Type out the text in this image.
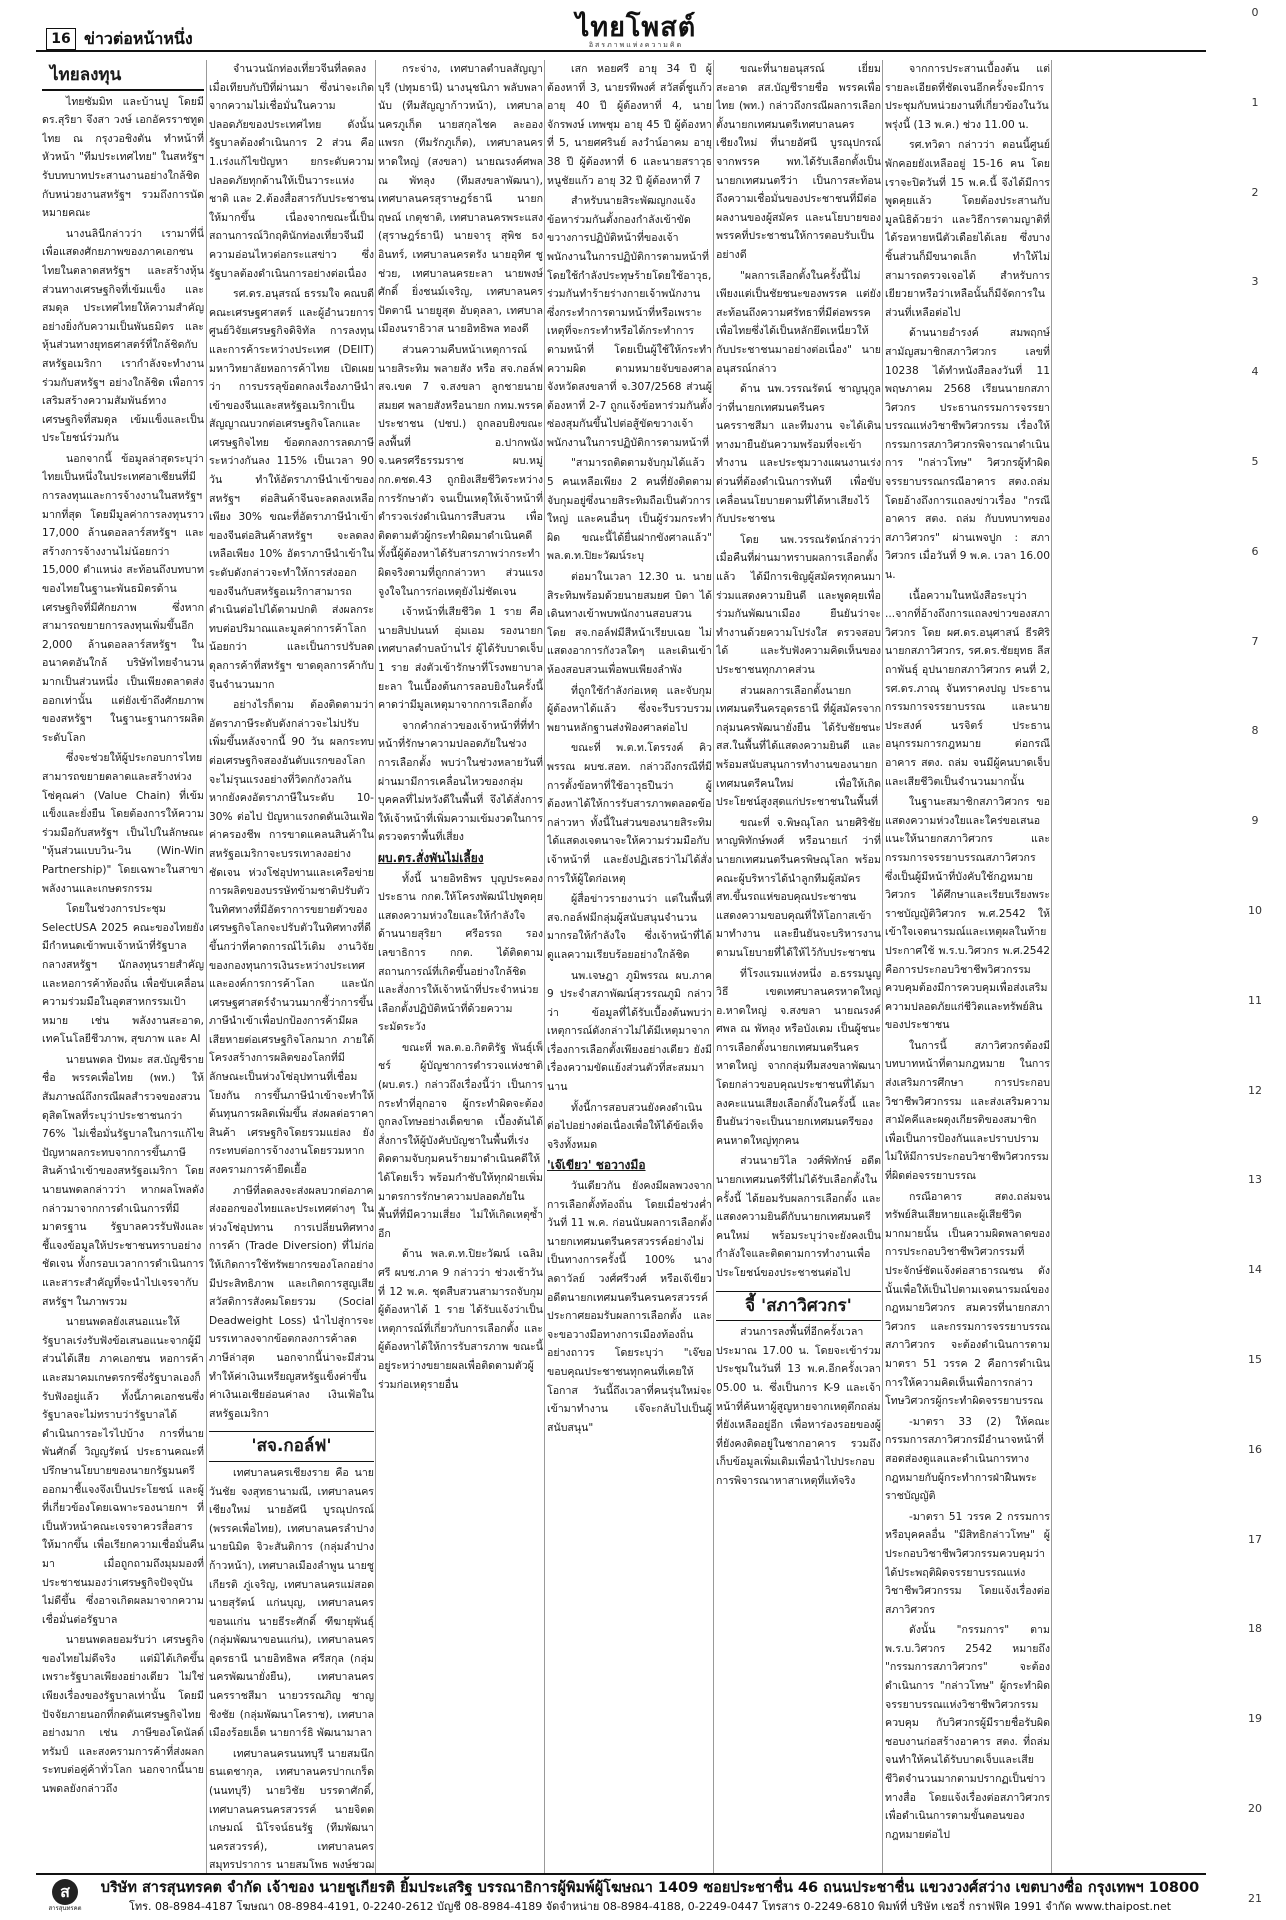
16 ข่าวต่อหน้าหนึ่ง	ไทยโพสต์
อิสรภาพแห่งความคิด
0
1
2
3
4
5
6
7
8
9
10
11
12
13
14
15
16
17
18
19
20
21

ไทยลงทุน

ไทยซัมมิท และบ้านปู โดยมี ดร.สุริยา จึงสา วงษ์ เอกอัครราชทูตไทย ณ กรุงวอชิงตัน ทำหน้าที่หัวหน้า "ทีมประเทศไทย" ในสหรัฐฯ รับบทบาทประสานงานอย่างใกล้ชิดกับหน่วยงานสหรัฐฯ รวมถึงการนัดหมายคณะ

นางนลินีกล่าวว่า เรามาที่นี่เพื่อแสดงศักยภาพของภาคเอกชนไทยในตลาดสหรัฐฯ และสร้างหุ้นส่วนทางเศรษฐกิจที่เข้มแข็ง และสมดุล ประเทศไทยให้ความสำคัญอย่างยิ่งกับความเป็นพันธมิตร และหุ้นส่วนทางยุทธศาสตร์ที่ใกล้ชิดกับสหรัฐอเมริกา เรากำลังจะทำงานร่วมกับสหรัฐฯ อย่างใกล้ชิด เพื่อการเสริมสร้างความสัมพันธ์ทางเศรษฐกิจที่สมดุล เข้มแข็งและเป็นประโยชน์ร่วมกัน

นอกจากนี้ ข้อมูลล่าสุดระบุว่า ไทยเป็นหนึ่งในประเทศอาเซียนที่มีการลงทุนและการจ้างงานในสหรัฐฯ มากที่สุด โดยมีมูลค่าการลงทุนราว 17,000 ล้านดอลลาร์สหรัฐฯ และสร้างการจ้างงานไม่น้อยกว่า 15,000 ตำแหน่ง สะท้อนถึงบทบาทของไทยในฐานะพันธมิตรด้านเศรษฐกิจที่มีศักยภาพ ซึ่งหากสามารถขยายการลงทุนเพิ่มขึ้นอีก 2,000 ล้านดอลลาร์สหรัฐฯ ในอนาคตอันใกล้ บริษัทไทยจำนวนมากเป็นส่วนหนึ่ง เป็นเพียงตลาดส่งออกเท่านั้น แต่ยังเข้าถึงศักยภาพของสหรัฐฯ ในฐานะฐานการผลิตระดับโลก

ซึ่งจะช่วยให้ผู้ประกอบการไทยสามารถขยายตลาดและสร้างห่วงโซ่คุณค่า (Value Chain) ที่เข้มแข็งและยั่งยืน โดยต้องการให้ความร่วมมือกับสหรัฐฯ เป็นไปในลักษณะ "หุ้นส่วนแบบวิน-วิน (Win-Win Partnership)" โดยเฉพาะในสาขาพลังงานและเกษตรกรรม

โดยในช่วงการประชุม SelectUSA 2025 คณะของไทยยังมีกำหนดเข้าพบเจ้าหน้าที่รัฐบาลกลางสหรัฐฯ นักลงทุนรายสำคัญและหอการค้าท้องถิ่น เพื่อขับเคลื่อนความร่วมมือในอุตสาหกรรมเป้าหมาย เช่น พลังงานสะอาด, เทคโนโลยีชีวภาพ, สุขภาพ และ AI

นายนพดล ปัทมะ สส.บัญชีรายชื่อ พรรคเพื่อไทย (พท.) ให้สัมภาษณ์ถึงกรณีผลสำรวจของสวนดุสิตโพลที่ระบุว่าประชาชนกว่า 76% ไม่เชื่อมั่นรัฐบาลในการแก้ไขปัญหาผลกระทบจากการขึ้นภาษีสินค้านำเข้าของสหรัฐอเมริกา โดยนายนพดลกล่าวว่า หากผลโพลดังกล่าวมาจากการดำเนินการที่มีมาตรฐาน รัฐบาลควรรับฟังและชี้แจงข้อมูลให้ประชาชนทราบอย่างชัดเจน ทั้งกรอบเวลาการดำเนินการและสาระสำคัญที่จะนำไปเจรจากับสหรัฐฯ ในภาพรวม

นายนพดลยังเสนอแนะให้รัฐบาลเร่งรับฟังข้อเสนอแนะจากผู้มีส่วนได้เสีย ภาคเอกชน หอการค้า และสมาคมเกษตรกรซึ่งรัฐบาลเองก็รับฟังอยู่แล้ว ทั้งนี้ภาคเอกชนซึ่งรัฐบาลจะไม่ทราบว่ารัฐบาลได้ดำเนินการอะไรไปบ้าง การที่นายพันศักดิ์ วิญญรัตน์ ประธานคณะที่ปรึกษานโยบายของนายกรัฐมนตรีออกมาชี้แจงจึงเป็นประโยชน์ และผู้ที่เกี่ยวข้องโดยเฉพาะรองนายกฯ ที่เป็นหัวหน้าคณะเจรจาควรสื่อสารให้มากขึ้น เพื่อเรียกความเชื่อมั่นคืนมา เมื่อถูกถามถึงมุมมองที่ประชาชนมองว่าเศรษฐกิจปัจจุบันไม่ดีขึ้น ซึ่งอาจเกิดผลมาจากความเชื่อมั่นต่อรัฐบาล

นายนพดลยอมรับว่า เศรษฐกิจของไทยไม่ดีจริง แต่มิได้เกิดขึ้นเพราะรัฐบาลเพียงอย่างเดียว ไม่ใช่เพียงเรื่องของรัฐบาลเท่านั้น โดยมีปัจจัยภายนอกที่กดดันเศรษฐกิจไทยอย่างมาก เช่น ภาษีของโดนัลด์ทรัมป์ และสงครามการค้าที่ส่งผลกระทบต่อคู่ค้าทั่วโลก นอกจากนี้นายนพดลยังกล่าวถึง

จำนวนนักท่องเที่ยวจีนที่ลดลงเมื่อเทียบกับปีที่ผ่านมา ซึ่งน่าจะเกิดจากความไม่เชื่อมั่นในความปลอดภัยของประเทศไทย ดังนั้นรัฐบาลต้องดำเนินการ 2 ส่วน คือ 1.เร่งแก้ไขปัญหา ยกระดับความปลอดภัยทุกด้านให้เป็นวาระแห่งชาติ และ 2.ต้องสื่อสารกับประชาชนให้มากขึ้น เนื่องจากขณะนี้เป็นสถานการณ์วิกฤตินักท่องเที่ยวจีนมีความอ่อนไหวต่อกระแสข่าว ซึ่งรัฐบาลต้องดำเนินการอย่างต่อเนื่อง

รศ.ดร.อนุสรณ์ ธรรมใจ คณบดีคณะเศรษฐศาสตร์ และผู้อำนวยการศูนย์วิจัยเศรษฐกิจดิจิทัล การลงทุนและการค้าระหว่างประเทศ (DEIIT) มหาวิทยาลัยหอการค้าไทย เปิดเผยว่า การบรรลุข้อตกลงเรื่องภาษีนำเข้าของจีนและสหรัฐอเมริกาเป็นสัญญาณบวกต่อเศรษฐกิจโลกและเศรษฐกิจไทย ข้อตกลงการลดภาษีระหว่างกันลง 115% เป็นเวลา 90 วัน ทำให้อัตราภาษีนำเข้าของสหรัฐฯ ต่อสินค้าจีนจะลดลงเหลือเพียง 30% ขณะที่อัตราภาษีนำเข้าของจีนต่อสินค้าสหรัฐฯ จะลดลงเหลือเพียง 10% อัตราภาษีนำเข้าในระดับดังกล่าวจะทำให้การส่งออกของจีนกับสหรัฐอเมริกาสามารถดำเนินต่อไปได้ตามปกติ ส่งผลกระทบต่อปริมาณและมูลค่าการค้าโลกน้อยกว่า และเป็นการปรับลดดุลการค้าที่สหรัฐฯ ขาดดุลการค้ากับจีนจำนวนมาก

อย่างไรก็ตาม ต้องติดตามว่าอัตราภาษีระดับดังกล่าวจะไม่ปรับเพิ่มขึ้นหลังจากนี้ 90 วัน ผลกระทบต่อเศรษฐกิจสองอันดับแรกของโลกจะไม่รุนแรงอย่างที่วิตกกังวลกัน หากยังคงอัตราภาษีในระดับ 10-30% ต่อไป ปัญหาแรงกดดันเงินเฟ้อ ค่าครองชีพ การขาดแคลนสินค้าในสหรัฐอเมริกาจะบรรเทาลงอย่างชัดเจน ห่วงโซ่อุปทานและเครือข่ายการผลิตของบรรษัทข้ามชาติปรับตัวในทิศทางที่มีอัตราการขยายตัวของเศรษฐกิจโลกจะปรับตัวในทิศทางที่ดีขึ้นกว่าที่คาดการณ์ไว้เดิม งานวิจัยของกองทุนการเงินระหว่างประเทศและองค์การการค้าโลก และนักเศรษฐศาสตร์จำนวนมากชี้ว่าการขึ้นภาษีนำเข้าเพื่อปกป้องการค้ามีผลเสียหายต่อเศรษฐกิจโลกมาก ภายใต้โครงสร้างการผลิตของโลกที่มีลักษณะเป็นห่วงโซ่อุปทานที่เชื่อมโยงกัน การขึ้นภาษีนำเข้าจะทำให้ต้นทุนการผลิตเพิ่มขึ้น ส่งผลต่อราคาสินค้า เศรษฐกิจโดยรวมแย่ลง ยังกระทบต่อการจ้างงานโดยรวมหากสงครามการค้ายืดเยื้อ

ภาษีที่ลดลงจะส่งผลบวกต่อภาคส่งออกของไทยและประเทศต่างๆ ในห่วงโซ่อุปทาน การเปลี่ยนทิศทางการค้า (Trade Diversion) ที่ไม่ก่อให้เกิดการใช้ทรัพยากรของโลกอย่างมีประสิทธิภาพ และเกิดการสูญเสียสวัสดิการสังคมโดยรวม (Social Deadweight Loss) นำไปสู่การจะบรรเทาลงจากข้อตกลงการค้าลดภาษีล่าสุด นอกจากนี้น่าจะมีส่วนทำให้ค่าเงินเหรียญสหรัฐแข็งค่าขึ้น ค่าเงินเอเชียอ่อนค่าลง เงินเฟ้อในสหรัฐอเมริกา

'สจ.กอล์ฟ'

เทศบาลนครเชียงราย คือ นายวันชัย จงสุทธานามณี, เทศบาลนครเชียงใหม่ นายอัศนี บูรณุปกรณ์ (พรรคเพื่อไทย), เทศบาลนครลำปาง นายนิมิต จิวะสันติการ (กลุ่มลำปางก้าวหน้า), เทศบาลเมืองลำพูน นายชูเกียรติ ภู่เจริญ, เทศบาลนครแม่สอด นายสุรัตน์ แก่นบุญ, เทศบาลนครขอนแก่น นายธีระศักดิ์ ฑีฆายุพันธุ์ (กลุ่มพัฒนาขอนแก่น), เทศบาลนครอุดรธานี นายอิทธิพล ศรีสกุล (กลุ่มนครพัฒนายั่งยืน), เทศบาลนครนครราชสีมา นายวรรณภิญ ชาญชิงชัย (กลุ่มพัฒนาโคราช), เทศบาลเมืองร้อยเอ็ด นายการ์ธิ พัฒนามาลา

เทศบาลนครนนทบุรี นายสมนึก ธนเดชากุล, เทศบาลนครปากเกร็ด (นนทบุรี) นายวิชัย บรรดาศักดิ์, เทศบาลนครนครสวรรค์ นายจิตตเกษมณ์ นิโรจน์ธนรัฐ (ทีมพัฒนานครสวรรค์), เทศบาลนครสมุทรปราการ นายสมโพธ พงษ์ชวฌ

กระจ่าง, เทศบาลตำบลสัญญาบุรี (ปทุมธานี) นางนุชนิภา พลับพลานับ (ทีมสัญญาก้าวหน้า), เทศบาลนครภูเก็ต นายสกุลไชค ละออง แพรก (ทีมรักภูเก็ต), เทศบาลนครหาดใหญ่ (สงขลา) นายณรงค์ศพล ณ พัทลุง (ทีมสงขลาพัฒนา), เทศบาลนครสุราษฎร์ธานี นายกฤษณ์ เกตุชาติ, เทศบาลนครพระแสง (สุราษฎร์ธานี) นายจารุ สุพิช ธงอินทร์, เทศบาลนครตรัง นายอุทิศ ชูช่วย, เทศบาลนครยะลา นายพงษ์ศักดิ์ ยิ่งชนม์เจริญ, เทศบาลนครปัตตานี นายยูสุต อับดุลลา, เทศบาลเมืองนราธิวาส นายอิทธิพล ทองดี

ส่วนความคืบหน้าเหตุการณ์นายสิระทิม พลายสัง หรือ สจ.กอล์ฟ สจ.เขต 7 จ.สงขลา ลูกชายนายสมยศ พลายสังหรือนายก กทม.พรรคประชาชน (ปชป.) ถูกลอบยิงขณะลงพื้นที่ อ.ปากพนัง จ.นครศรีธรรมราช ผบ.หมู่ กก.ตชด.43 ถูกยิงเสียชีวิตระหว่างการรักษาตัว จนเป็นเหตุให้เจ้าหน้าที่ตำรวจเร่งดำเนินการสืบสวน เพื่อติดตามตัวผู้กระทำผิดมาดำเนินคดี ทั้งนี้ผู้ต้องหาได้รับสารภาพว่ากระทำผิดจริงตามที่ถูกกล่าวหา ส่วนแรงจูงใจในการก่อเหตุยังไม่ชัดเจน

เจ้าหน้าที่เสียชีวิต 1 ราย คือ นายสิปปนนท์ อุ่มเอม รองนายก เทศบาลตำบลบ้านไร่ ผู้ได้รับบาดเจ็บ 1 ราย ส่งตัวเข้ารักษาที่โรงพยาบาลยะลา ในเบื้องต้นการลอบยิงในครั้งนี้คาดว่ามีมูลเหตุมาจากการเลือกตั้ง

จากคำกล่าวของเจ้าหน้าที่ที่ทำหน้าที่รักษาความปลอดภัยในช่วงการเลือกตั้ง พบว่าในช่วงหลายวันที่ผ่านมามีการเคลื่อนไหวของกลุ่มบุคคลที่ไม่หวังดีในพื้นที่ จึงได้สั่งการให้เจ้าหน้าที่เพิ่มความเข้มงวดในการตรวจตราพื้นที่เสี่ยง

ผบ.ตร.สั่งพันไม่เลี้ยง

ทั้งนี้ นายอิทธิพร บุญประคอง ประธาน กกต.ให้โครงพัฒน์ไปพูดคุยแสดงความห่วงใยและให้กำลังใจ ด้านนายสุริยา ศรีอรรถ รองเลขาธิการ กกต. ได้ติดตามสถานการณ์ที่เกิดขึ้นอย่างใกล้ชิด และสั่งการให้เจ้าหน้าที่ประจำหน่วยเลือกตั้งปฏิบัติหน้าที่ด้วยความระมัดระวัง

ขณะที่ พล.ต.อ.กิตติรัฐ พันธุ์เพ็ชร์ ผู้บัญชาการตำรวจแห่งชาติ (ผบ.ตร.) กล่าวถึงเรื่องนี้ว่า เป็นการกระทำที่อุกอาจ ผู้กระทำผิดจะต้องถูกลงโทษอย่างเด็ดขาด เบื้องต้นได้สั่งการให้ผู้บังคับบัญชาในพื้นที่เร่งติดตามจับกุมคนร้ายมาดำเนินคดีให้ได้โดยเร็ว พร้อมกำชับให้ทุกฝ่ายเพิ่มมาตรการรักษาความปลอดภัยในพื้นที่ที่มีความเสี่ยง ไม่ให้เกิดเหตุซ้ำอีก

ด้าน พล.ต.ท.ปิยะวัฒน์ เฉลิมศรี ผบช.ภาค 9 กล่าวว่า ช่วงเช้าวันที่ 12 พ.ค. ชุดสืบสวนสามารถจับกุมผู้ต้องหาได้ 1 ราย ได้รับแจ้งว่าเป็นเหตุการณ์ที่เกี่ยวกับการเลือกตั้ง และผู้ต้องหาได้ให้การรับสารภาพ ขณะนี้อยู่ระหว่างขยายผลเพื่อติดตามตัวผู้ร่วมก่อเหตุรายอื่น

เสก หอยศรี อายุ 34 ปี ผู้ต้องหาที่ 3, นายรพีพงศ์ สวัสดิ์ชูแก้ว อายุ 40 ปี ผู้ต้องหาที่ 4, นายจักรพงษ์ เทพชุม อายุ 45 ปี ผู้ต้องหาที่ 5, นายศศรินย์ ลงวำน์อาคม อายุ 38 ปี ผู้ต้องหาที่ 6 และนายสราวุธ หนูชัยแก้ว อายุ 32 ปี ผู้ต้องหาที่ 7

สำหรับนายสิระพัฒญกงแจ้งข้อหาร่วมกันตั้งกองกำลังเข้าขัดขวางการปฏิบัติหน้าที่ของเจ้าพนักงานในการปฏิบัติการตามหน้าที่โดยใช้กำลังประทุษร้ายโดยใช้อาวุธ, ร่วมกันทำร้ายร่างกายเจ้าพนักงานซึ่งกระทำการตามหน้าที่หรือเพราะเหตุที่จะกระทำหรือได้กระทำการตามหน้าที่ โดยเป็นผู้ใช้ให้กระทำความผิด ตามหมายจับของศาลจังหวัดสงขลาที่ จ.307/2568 ส่วนผู้ต้องหาที่ 2-7 ถูกแจ้งข้อหาร่วมกันตั้งซ่องสุมกันขึ้นไปต่อสู้ขัดขวางเจ้าพนักงานในการปฏิบัติการตามหน้าที่

"สามารถติดตามจับกุมได้แล้ว 5 คนเหลือเพียง 2 คนที่ยังติดตามจับกุมอยู่ซึ่งนายสิระทิมถือเป็นตัวการใหญ่ และคนอื่นๆ เป็นผู้ร่วมกระทำผิด ขณะนี้ได้ยื่นฝากขังศาลแล้ว" พล.ต.ท.ปิยะวัฒน์ระบุ

ต่อมาในเวลา 12.30 น. นายสิระทิมพร้อมด้วยนายสมยศ บิดา ได้เดินทางเข้าพบพนักงานสอบสวน โดย สจ.กอล์ฟมีสีหน้าเรียบเฉย ไม่แสดงอาการกังวลใดๆ และเดินเข้าห้องสอบสวนเพื่อพบเพียงลำพัง

ที่ถูกใช้กำลังก่อเหตุ และจับกุมผู้ต้องหาได้แล้ว ซึ่งจะรีบรวบรวมพยานหลักฐานส่งฟ้องศาลต่อไป

ขณะที่ พ.ต.ท.โตรรงค์ คิวพรรณ ผบช.สอท. กล่าวถึงกรณีที่มีการตั้งข้อหาที่ใช้อาวุธปืนว่า ผู้ต้องหาได้ให้การรับสารภาพตลอดข้อกล่าวหา ทั้งนี้ในส่วนของนายสิระทิมได้แสดงเจตนาจะให้ความร่วมมือกับเจ้าหน้าที่ และยังปฏิเสธว่าไม่ได้สั่งการให้ผู้ใดก่อเหตุ

ผู้สื่อข่าวรายงานว่า แต่ในพื้นที่ สจ.กอล์ฟมีกลุ่มผู้สนับสนุนจำนวนมากรอให้กำลังใจ ซึ่งเจ้าหน้าที่ได้ดูแลความเรียบร้อยอย่างใกล้ชิด

นพ.เจษฎา ภูมิพรรณ ผบ.ภาค 9 ประจำสภาพัฒน์สุวรรณภูมิ กล่าวว่า ข้อมูลที่ได้รับเบื้องต้นพบว่าเหตุการณ์ดังกล่าวไม่ได้มีเหตุมาจากเรื่องการเลือกตั้งเพียงอย่างเดียว ยังมีเรื่องความขัดแย้งส่วนตัวที่สะสมมานาน

ทั้งนี้การสอบสวนยังคงดำเนินต่อไปอย่างต่อเนื่องเพื่อให้ได้ข้อเท็จจริงทั้งหมด

'เจ๊เขียว' ชอวางมือ

วันเดียวกัน ยังคงมีผลพวงจากการเลือกตั้งท้องถิ่น โดยเมื่อช่วงค่ำวันที่ 11 พ.ค. ก่อนนับผลการเลือกตั้งนายกเทศมนตรีนครสวรรค์อย่างไม่เป็นทางการครั้งนี้ 100% นางลดาวัลย์ วงศ์ศรีวงศ์ หรือเจ๊เขียว อดีตนายกเทศมนตรีนครนครสวรรค์ ประกาศยอมรับผลการเลือกตั้ง และจะขอวางมือทางการเมืองท้องถิ่นอย่างถาวร โดยระบุว่า "เจ๊ขอขอบคุณประชาชนทุกคนที่เคยให้โอกาส วันนี้ถึงเวลาที่คนรุ่นใหม่จะเข้ามาทำงาน เจ๊จะกลับไปเป็นผู้สนับสนุน"

ขณะที่นายอนุสรณ์ เยี่ยมสะอาด สส.บัญชีรายชื่อ พรรคเพื่อไทย (พท.) กล่าวถึงกรณีผลการเลือกตั้งนายกเทศมนตรีเทศบาลนครเชียงใหม่ ที่นายอัศนี บูรณุปกรณ์ จากพรรค พท.ได้รับเลือกตั้งเป็นนายกเทศมนตรีว่า เป็นการสะท้อนถึงความเชื่อมั่นของประชาชนที่มีต่อผลงานของผู้สมัคร และนโยบายของพรรคที่ประชาชนให้การตอบรับเป็นอย่างดี

"ผลการเลือกตั้งในครั้งนี้ไม่เพียงแต่เป็นชัยชนะของพรรค แต่ยังสะท้อนถึงความศรัทธาที่มีต่อพรรคเพื่อไทยซึ่งได้เป็นหลักยึดเหนี่ยวให้กับประชาชนมาอย่างต่อเนื่อง" นายอนุสรณ์กล่าว

ด้าน นพ.วรรณรัตน์ ชาญนุกูล ว่าที่นายกเทศมนตรีนครนครราชสีมา และทีมงาน จะได้เดินทางมายืนยันความพร้อมที่จะเข้าทำงาน และประชุมวางแผนงานเร่งด่วนที่ต้องดำเนินการทันที เพื่อขับเคลื่อนนโยบายตามที่ได้หาเสียงไว้กับประชาชน

โดย นพ.วรรณรัตน์กล่าวว่า เมื่อคืนที่ผ่านมาทราบผลการเลือกตั้งแล้ว ได้มีการเชิญผู้สมัครทุกคนมาร่วมแสดงความยินดี และพูดคุยเพื่อร่วมกันพัฒนาเมือง ยืนยันว่าจะทำงานด้วยความโปร่งใส ตรวจสอบได้ และรับฟังความคิดเห็นของประชาชนทุกภาคส่วน

ส่วนผลการเลือกตั้งนายกเทศมนตรีนครอุดรธานี ที่ผู้สมัครจากกลุ่มนครพัฒนายั่งยืน ได้รับชัยชนะ สส.ในพื้นที่ได้แสดงความยินดี และพร้อมสนับสนุนการทำงานของนายกเทศมนตรีคนใหม่ เพื่อให้เกิดประโยชน์สูงสุดแก่ประชาชนในพื้นที่

ขณะที่ จ.พิษณุโลก นายศิริชัย หาญพิทักษ์พงศ์ หรือนายเก๋ ว่าที่นายกเทศมนตรีนครพิษณุโลก พร้อมคณะผู้บริหารได้นำลูกทีมผู้สมัคร สท.ขึ้นรถแห่ขอบคุณประชาชน แสดงความขอบคุณที่ให้โอกาสเข้ามาทำงาน และยืนยันจะบริหารงานตามนโยบายที่ได้ให้ไว้กับประชาชน

ที่โรงแรมแห่งหนึ่ง อ.ธรรมนูญวิธี เขตเทศบาลนครหาดใหญ่ อ.หาดใหญ่ จ.สงขลา นายณรงค์ศพล ณ พัทลุง หรือบังเดม เป็นผู้ชนะการเลือกตั้งนายกเทศมนตรีนครหาดใหญ่ จากกลุ่มทีมสงขลาพัฒนา โดยกล่าวขอบคุณประชาชนที่ได้มาลงคะแนนเสียงเลือกตั้งในครั้งนี้ และยืนยันว่าจะเป็นนายกเทศมนตรีของคนหาดใหญ่ทุกคน

ส่วนนายวิไล วงศ์พิทักษ์ อดีตนายกเทศมนตรีที่ไม่ได้รับเลือกตั้งในครั้งนี้ ได้ยอมรับผลการเลือกตั้ง และแสดงความยินดีกับนายกเทศมนตรีคนใหม่ พร้อมระบุว่าจะยังคงเป็นกำลังใจและติดตามการทำงานเพื่อประโยชน์ของประชาชนต่อไป

จี้ 'สภาวิศวกร'

ส่วนการลงพื้นที่อีกครั้งเวลาประมาณ 17.00 น. โดยจะเข้าร่วมประชุมในวันที่ 13 พ.ค.อีกครั้งเวลา 05.00 น. ซึ่งเป็นการ K-9 และเจ้าหน้าที่ค้นหาผู้สูญหายจากเหตุตึกถล่มที่ยังเหลืออยู่อีก เพื่อหาร่องรอยของผู้ที่ยังคงติดอยู่ในซากอาคาร รวมถึงเก็บข้อมูลเพิ่มเติมเพื่อนำไปประกอบการพิจารณาหาสาเหตุที่แท้จริง

จากการประสานเบื้องต้น แต่รายละเอียดที่ชัดเจนอีกครั้งจะมีการประชุมกับหน่วยงานที่เกี่ยวข้องในวันพรุ่งนี้ (13 พ.ค.) ช่วง 11.00 น.

รศ.ทวิดา กล่าวว่า ตอนนี้ศูนย์พักคอยยังเหลืออยู่ 15-16 คน โดยเราจะปิดวันที่ 15 พ.ค.นี้ จึงได้มีการพูดคุยแล้ว โดยต้องประสานกับมูลนิธิด้วยว่า และวิธีการตามญาติที่ได้รอหายหนีตัวเดือยได้เลย ซึ่งบางชิ้นส่วนก็มีขนาดเล็ก ทำให้ไม่สามารถตรวจเจอได้ สำหรับการเยียวยาหรือว่าเหลือนั้นก็มีจัดการในส่วนที่เหลือต่อไป

ด้านนายอำรงค์ สมพฤกษ์ สามัญสมาชิกสภาวิศวกร เลขที่ 10238 ได้ทำหนังสือลงวันที่ 11 พฤษภาคม 2568 เรียนนายกสภาวิศวกร ประธานกรรมการจรรยาบรรณแห่งวิชาชีพวิศวกรรม เรื่องให้กรรมการสภาวิศวกรพิจารณาดำเนินการ "กล่าวโทษ" วิศวกรผู้ทำผิดจรรยาบรรณกรณีอาคาร สตง.ถล่ม โดยอ้างถึงการแถลงข่าวเรื่อง "กรณีอาคาร สตง. ถล่ม กับบทบาทของสภาวิศวกร" ผ่านเพจปูก : สภาวิศวกร เมื่อวันที่ 9 พ.ค. เวลา 16.00 น.

เนื้อความในหนังสือระบุว่า ...จากที่อ้างถึงการแถลงข่าวของสภาวิศวกร โดย ผศ.ดร.อนุศาสน์ ธีรศิริ นายกสภาวิศวกร, รศ.ดร.ชัยยุทธ ลีสถาพันธุ์ อุปนายกสภาวิศวกร คนที่ 2, รศ.ดร.ภาณุ จันทราคงปญ ประธานกรรมการจรรยาบรรณ และนายประสงค์ นรจิตร์ ประธานอนุกรรมการกฎหมาย ต่อกรณีอาคาร สตง. ถล่ม จนมีผู้คนบาดเจ็บและเสียชีวิตเป็นจำนวนมากนั้น

ในฐานะสมาชิกสภาวิศวกร ขอแสดงความห่วงใยและใคร่ขอเสนอแนะให้นายกสภาวิศวกร และกรรมการจรรยาบรรณสภาวิศวกร ซึ่งเป็นผู้มีหน้าที่บังคับใช้กฎหมายวิศวกร ได้ศึกษาและเรียบเรียงพระราชบัญญัติวิศวกร พ.ศ.2542 ให้เข้าใจเจตนารมณ์และเหตุผลในท้ายประกาศใช้ พ.ร.บ.วิศวกร พ.ศ.2542 คือการประกอบวิชาชีพวิศวกรรมควบคุมต้องมีการควบคุมเพื่อส่งเสริมความปลอดภัยแก่ชีวิตและทรัพย์สินของประชาชน

ในการนี้ สภาวิศวกรต้องมีบทบาทหน้าที่ตามกฎหมาย ในการส่งเสริมการศึกษา การประกอบวิชาชีพวิศวกรรม และส่งเสริมความสามัคคีและผดุงเกียรติของสมาชิก เพื่อเป็นการป้องกันและปราบปรามไม่ให้มีการประกอบวิชาชีพวิศวกรรมที่ผิดต่อจรรยาบรรณ

กรณีอาคาร สตง.ถล่มจนทรัพย์สินเสียหายและผู้เสียชีวิตมากมายนั้น เป็นความผิดพลาดของการประกอบวิชาชีพวิศวกรรมที่ประจักษ์ชัดแจ้งต่อสาธารณชน ดังนั้นเพื่อให้เป็นไปตามเจตนารมณ์ของกฎหมายวิศวกร สมควรที่นายกสภาวิศวกร และกรรมการจรรยาบรรณสภาวิศวกร จะต้องดำเนินการตามมาตรา 51 วรรค 2 คือการดำเนินการให้ความคิดเห็นเพื่อการกล่าวโทษวิศวกรผู้กระทำผิดจรรยาบรรณ

-มาตรา 33 (2) ให้คณะกรรมการสภาวิศวกรมีอำนาจหน้าที่สอดส่องดูแลและดำเนินการทางกฎหมายกับผู้กระทำการฝ่าฝืนพระราชบัญญัติ

-มาตรา 51 วรรค 2 กรรมการหรือบุคคลอื่น "มีสิทธิกล่าวโทษ" ผู้ประกอบวิชาชีพวิศวกรรมควบคุมว่าได้ประพฤติผิดจรรยาบรรณแห่งวิชาชีพวิศวกรรม โดยแจ้งเรื่องต่อสภาวิศวกร

ดังนั้น "กรรมการ" ตาม พ.ร.บ.วิศวกร 2542 หมายถึง "กรรมการสภาวิศวกร" จะต้องดำเนินการ "กล่าวโทษ" ผู้กระทำผิดจรรยาบรรณแห่งวิชาชีพวิศวกรรมควบคุม กับวิศวกรผู้มีรายชื่อรับผิดชอบงานก่อสร้างอาคาร สตง. ที่ถล่มจนทำให้คนได้รับบาดเจ็บและเสียชีวิตจำนวนมากตามปรากฏเป็นข่าวทางสื่อ โดยแจ้งเรื่องต่อสภาวิศวกรเพื่อดำเนินการตามขั้นตอนของกฎหมายต่อไป

ส
สารสุนทรคต
บริษัท สารสุนทรคต จำกัด เจ้าของ นายชูเกียรติ ยิ้มประเสริฐ บรรณาธิการผู้พิมพ์ผู้โฆษณา 1409 ซอยประชาชื่น 46 ถนนประชาชื่น แขวงวงศ์สว่าง เขตบางซื่อ กรุงเทพฯ 10800
โทร. 08-8984-4187 โฆษณา 08-8984-4191, 0-2240-2612 บัญชี 08-8984-4189 จัดจำหน่าย 08-8984-4188, 0-2249-0447 โทรสาร 0-2249-6810 พิมพ์ที่ บริษัท เชอรี่ กราฟฟิค 1991 จำกัด www.thaipost.net
